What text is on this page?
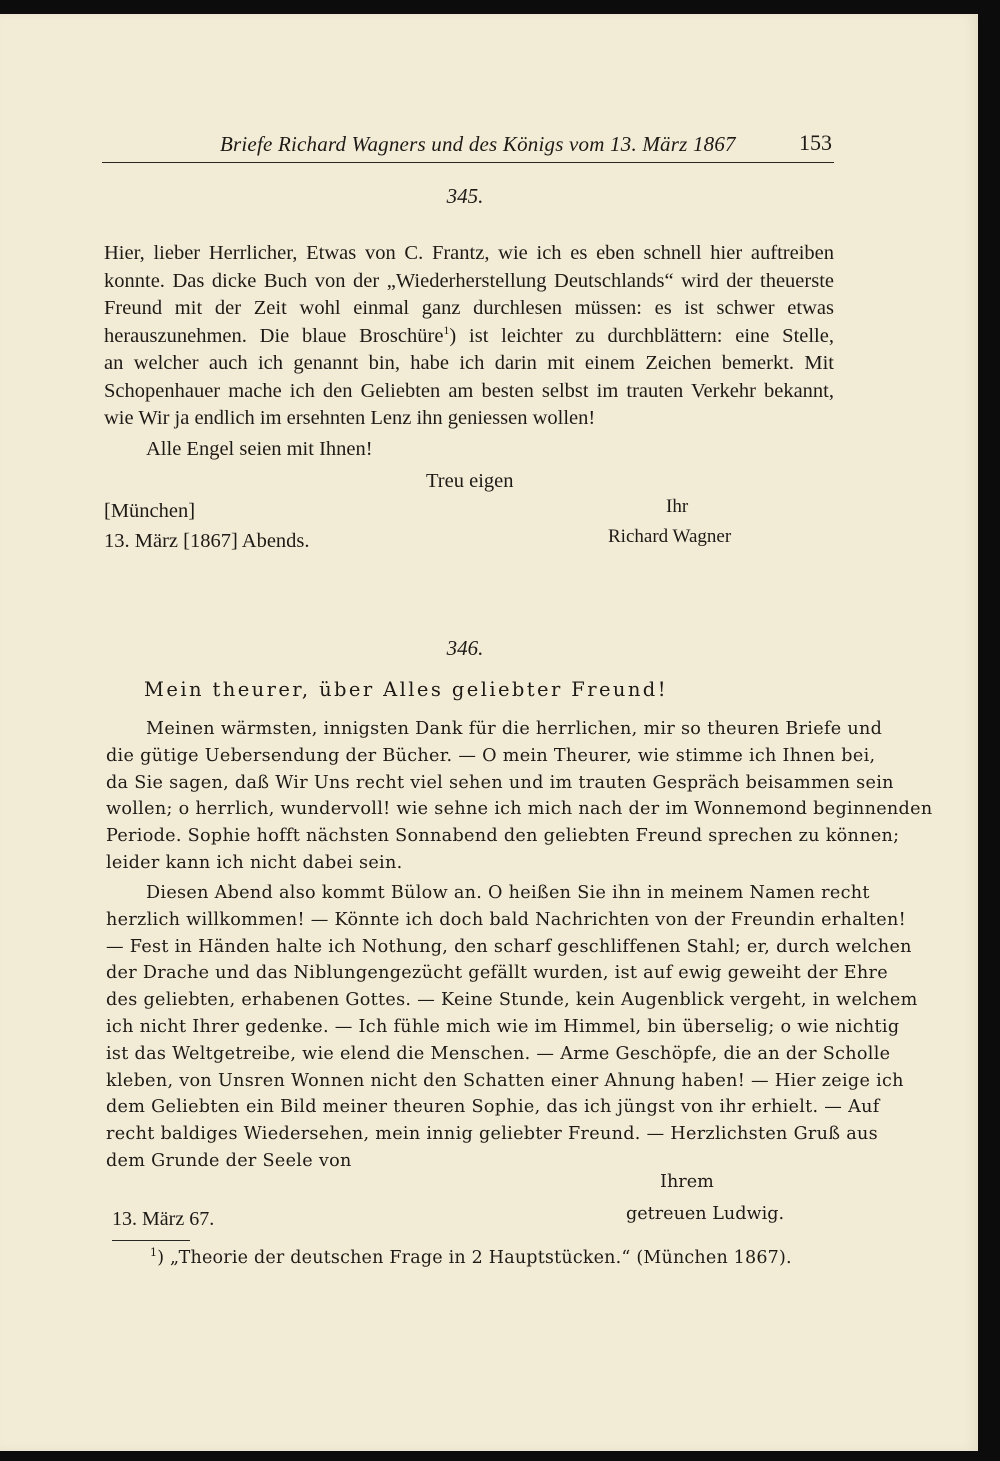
Briefe Richard Wagners und des Königs vom 13. März 1867	153
345.
Hier, lieber Herrlicher, Etwas von C. Frantz, wie ich es eben schnell hier auftreiben
konnte. Das dicke Buch von der „Wiederherstellung Deutschlands“ wird der theuerste
Freund mit der Zeit wohl einmal ganz durchlesen müssen: es ist schwer etwas
herauszunehmen. Die blaue Broschüre$^1$) ist leichter zu durchblättern: eine Stelle,
an welcher auch ich genannt bin, habe ich darin mit einem Zeichen bemerkt. Mit
Schopenhauer mache ich den Geliebten am besten selbst im trauten Verkehr bekannt,
wie Wir ja endlich im ersehnten Lenz ihn geniessen wollen!
Alle Engel seien mit Ihnen!
Treu eigen
[München]	Ihr
13. März [1867] Abends.	Richard Wagner
346.
Mein theurer, über Alles geliebter Freund!
Meinen wärmsten, innigsten Dank für die herrlichen, mir so theuren Briefe und
die gütige Uebersendung der Bücher. — O mein Theurer, wie stimme ich Ihnen bei,
da Sie sagen, daß Wir Uns recht viel sehen und im trauten Gespräch beisammen sein
wollen; o herrlich, wundervoll! wie sehne ich mich nach der im Wonnemond beginnenden
Periode. Sophie hofft nächsten Sonnabend den geliebten Freund sprechen zu können;
leider kann ich nicht dabei sein.
Diesen Abend also kommt Bülow an. O heißen Sie ihn in meinem Namen recht
herzlich willkommen! — Könnte ich doch bald Nachrichten von der Freundin erhalten!
— Fest in Händen halte ich Nothung, den scharf geschliffenen Stahl; er, durch welchen
der Drache und das Niblungengezücht gefällt wurden, ist auf ewig geweiht der Ehre
des geliebten, erhabenen Gottes. — Keine Stunde, kein Augenblick vergeht, in welchem
ich nicht Ihrer gedenke. — Ich fühle mich wie im Himmel, bin überselig; o wie nichtig
ist das Weltgetreibe, wie elend die Menschen. — Arme Geschöpfe, die an der Scholle
kleben, von Unsren Wonnen nicht den Schatten einer Ahnung haben! — Hier zeige ich
dem Geliebten ein Bild meiner theuren Sophie, das ich jüngst von ihr erhielt. — Auf
recht baldiges Wiedersehen, mein innig geliebter Freund. — Herzlichsten Gruß aus
dem Grunde der Seele von
Ihrem
13. März 67.	getreuen Ludwig.
$^1$) „Theorie der deutschen Frage in 2 Hauptstücken.“ (München 1867).
